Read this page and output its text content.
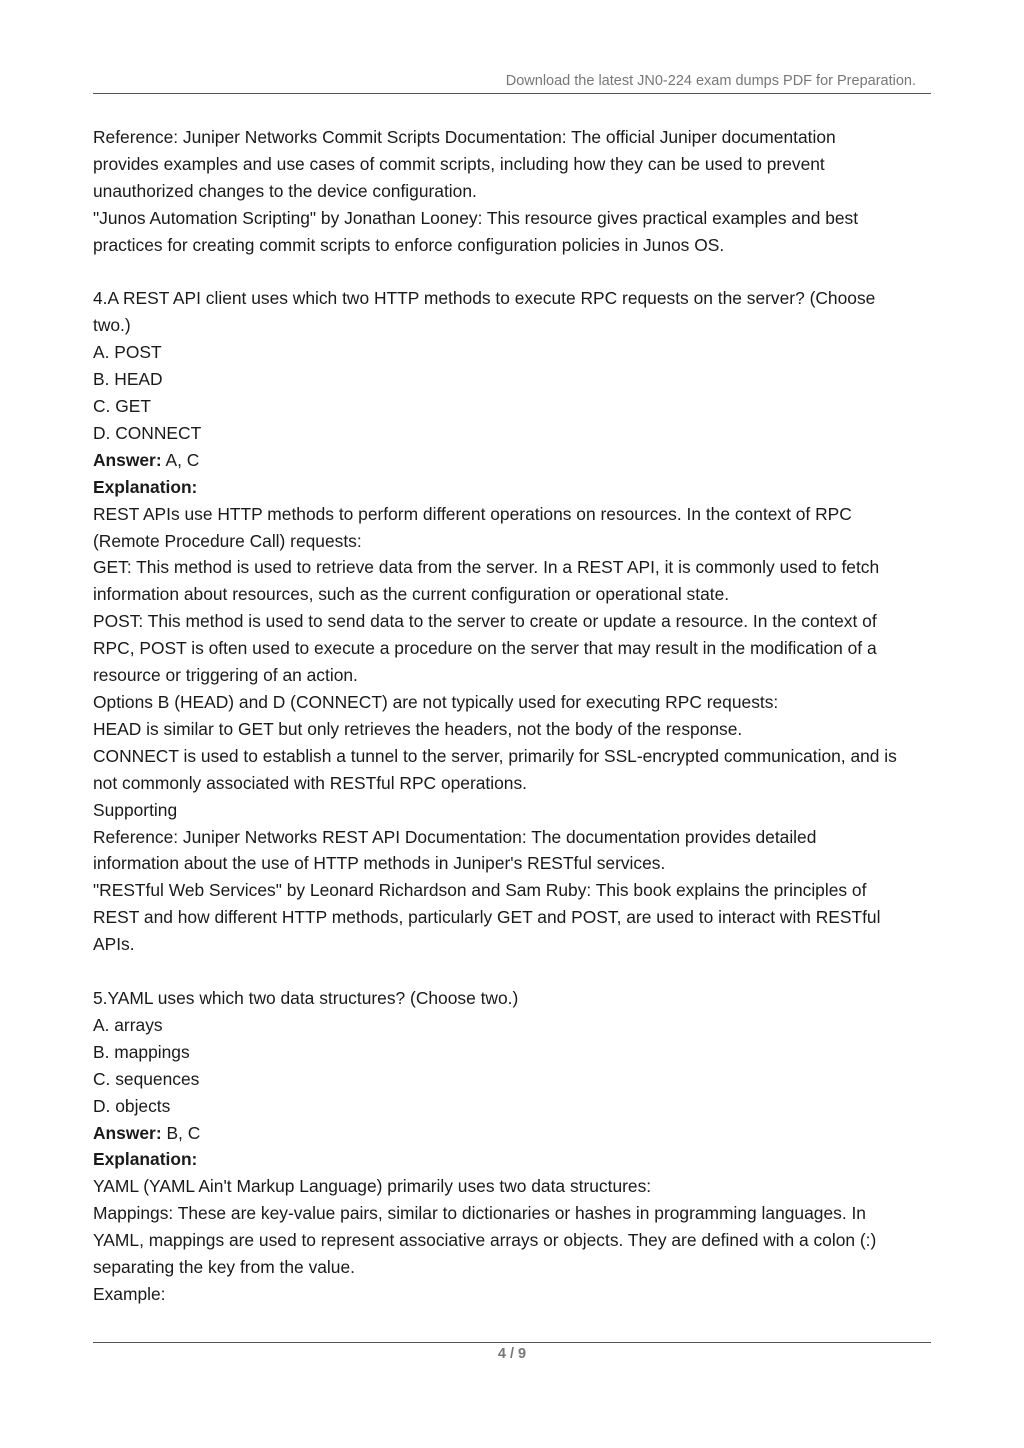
Download the latest JN0-224 exam dumps PDF for Preparation.

Reference: Juniper Networks Commit Scripts Documentation: The official Juniper documentation

provides examples and use cases of commit scripts, including how they can be used to prevent

unauthorized changes to the device configuration.

"Junos Automation Scripting" by Jonathan Looney: This resource gives practical examples and best

practices for creating commit scripts to enforce configuration policies in Junos OS.

4.A REST API client uses which two HTTP methods to execute RPC requests on the server? (Choose

two.)

A. POST

B. HEAD

C. GET

D. CONNECT

Answer: A, C

Explanation:

REST APIs use HTTP methods to perform different operations on resources. In the context of RPC

(Remote Procedure Call) requests:

GET: This method is used to retrieve data from the server. In a REST API, it is commonly used to fetch

information about resources, such as the current configuration or operational state.

POST: This method is used to send data to the server to create or update a resource. In the context of

RPC, POST is often used to execute a procedure on the server that may result in the modification of a

resource or triggering of an action.

Options B (HEAD) and D (CONNECT) are not typically used for executing RPC requests:

HEAD is similar to GET but only retrieves the headers, not the body of the response.

CONNECT is used to establish a tunnel to the server, primarily for SSL-encrypted communication, and is

not commonly associated with RESTful RPC operations.

Supporting

Reference: Juniper Networks REST API Documentation: The documentation provides detailed

information about the use of HTTP methods in Juniper's RESTful services.

"RESTful Web Services" by Leonard Richardson and Sam Ruby: This book explains the principles of

REST and how different HTTP methods, particularly GET and POST, are used to interact with RESTful

APIs.

5.YAML uses which two data structures? (Choose two.)

A. arrays

B. mappings

C. sequences

D. objects

Answer: B, C

Explanation:

YAML (YAML Ain't Markup Language) primarily uses two data structures:

Mappings: These are key-value pairs, similar to dictionaries or hashes in programming languages. In

YAML, mappings are used to represent associative arrays or objects. They are defined with a colon (:)

separating the key from the value.

Example:

4 / 9
